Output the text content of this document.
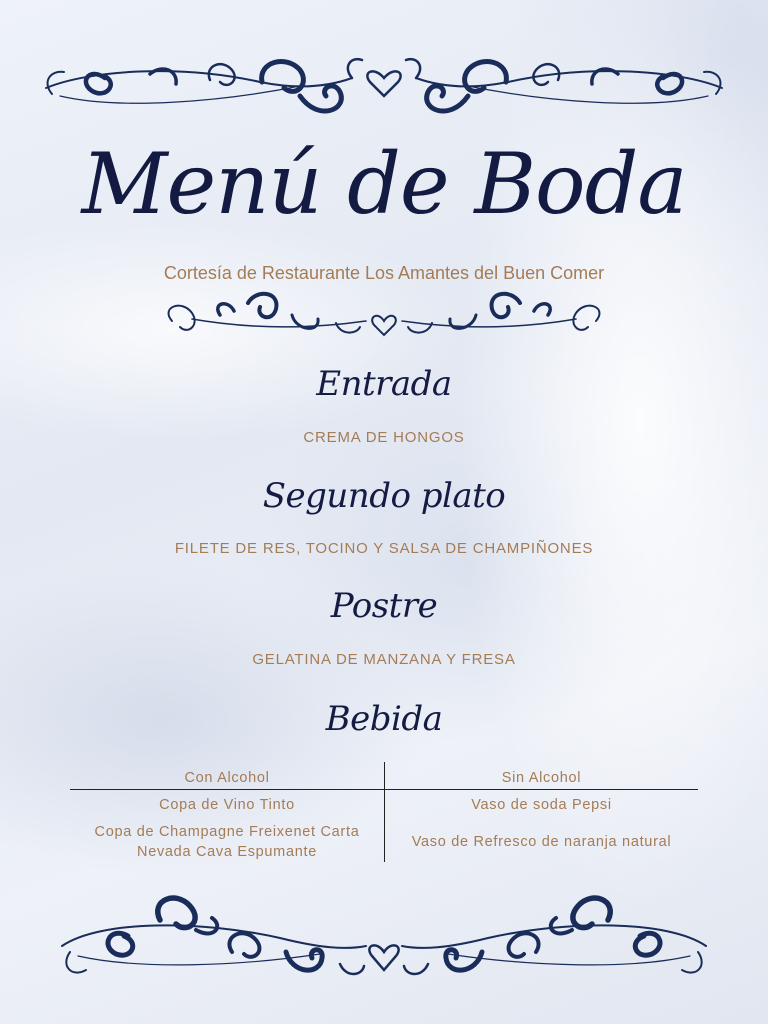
Menú de Boda

Cortesía de Restaurante Los Amantes del Buen Comer

Entrada

CREMA DE HONGOS

Segundo plato

FILETE DE RES, TOCINO Y SALSA DE CHAMPIÑONES

Postre

GELATINA DE MANZANA Y FRESA

Bebida
Con Alcohol	Sin Alcohol
Copa de Vino Tinto	Vaso de soda Pepsi
Copa de Champagne Freixenet Carta Nevada Cava Espumante
Vaso de Refresco de naranja natural
